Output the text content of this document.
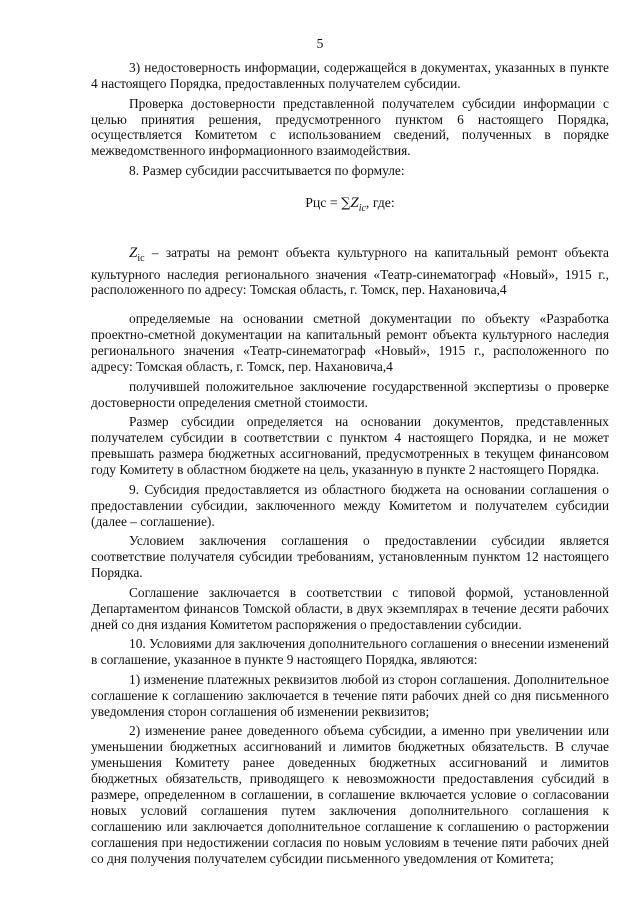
5

3) недостоверность информации, содержащейся в документах, указанных в пункте 4 настоящего Порядка, предоставленных получателем субсидии.

Проверка достоверности представленной получателем субсидии информации с целью принятия решения, предусмотренного пунктом 6 настоящего Порядка, осуществляется Комитетом с использованием сведений, полученных в порядке межведомственного информационного взаимодействия.

8. Размер субсидии рассчитывается по формуле:

Рцс = $\sum Z_{ic}$, где:

$Z_{ic}$ – затраты на ремонт объекта культурного на капитальный ремонт объекта культурного наследия регионального значения «Театр-синематограф «Новый», 1915 г., расположенного по адресу: Томская область, г. Томск, пер. Нахановича,4

определяемые на основании сметной документации по объекту «Разработка проектно-сметной документации на капитальный ремонт объекта культурного наследия регионального значения «Театр-синематограф «Новый», 1915 г., расположенного по адресу: Томская область, г. Томск, пер. Нахановича,4

получившей положительное заключение государственной экспертизы о проверке достоверности определения сметной стоимости.

Размер субсидии определяется на основании документов, представленных получателем субсидии в соответствии с пунктом 4 настоящего Порядка, и не может превышать размера бюджетных ассигнований, предусмотренных в текущем финансовом году Комитету в областном бюджете на цель, указанную в пункте 2 настоящего Порядка.

9. Субсидия предоставляется из областного бюджета на основании соглашения о предоставлении субсидии, заключенного между Комитетом и получателем субсидии (далее – соглашение).

Условием заключения соглашения о предоставлении субсидии является соответствие получателя субсидии требованиям, установленным пунктом 12 настоящего Порядка.

Соглашение заключается в соответствии с типовой формой, установленной Департаментом финансов Томской области, в двух экземплярах в течение десяти рабочих дней со дня издания Комитетом распоряжения о предоставлении субсидии.

10. Условиями для заключения дополнительного соглашения о внесении изменений в соглашение, указанное в пункте 9 настоящего Порядка, являются:

1) изменение платежных реквизитов любой из сторон соглашения. Дополнительное соглашение к соглашению заключается в течение пяти рабочих дней со дня письменного уведомления сторон соглашения об изменении реквизитов;

2) изменение ранее доведенного объема субсидии, а именно при увеличении или уменьшении бюджетных ассигнований и лимитов бюджетных обязательств. В случае уменьшения Комитету ранее доведенных бюджетных ассигнований и лимитов бюджетных обязательств, приводящего к невозможности предоставления субсидий в размере, определенном в соглашении, в соглашение включается условие о согласовании новых условий соглашения путем заключения дополнительного соглашения к соглашению или заключается дополнительное соглашение к соглашению о расторжении соглашения при недостижении согласия по новым условиям в течение пяти рабочих дней со дня получения получателем субсидии письменного уведомления от Комитета;
